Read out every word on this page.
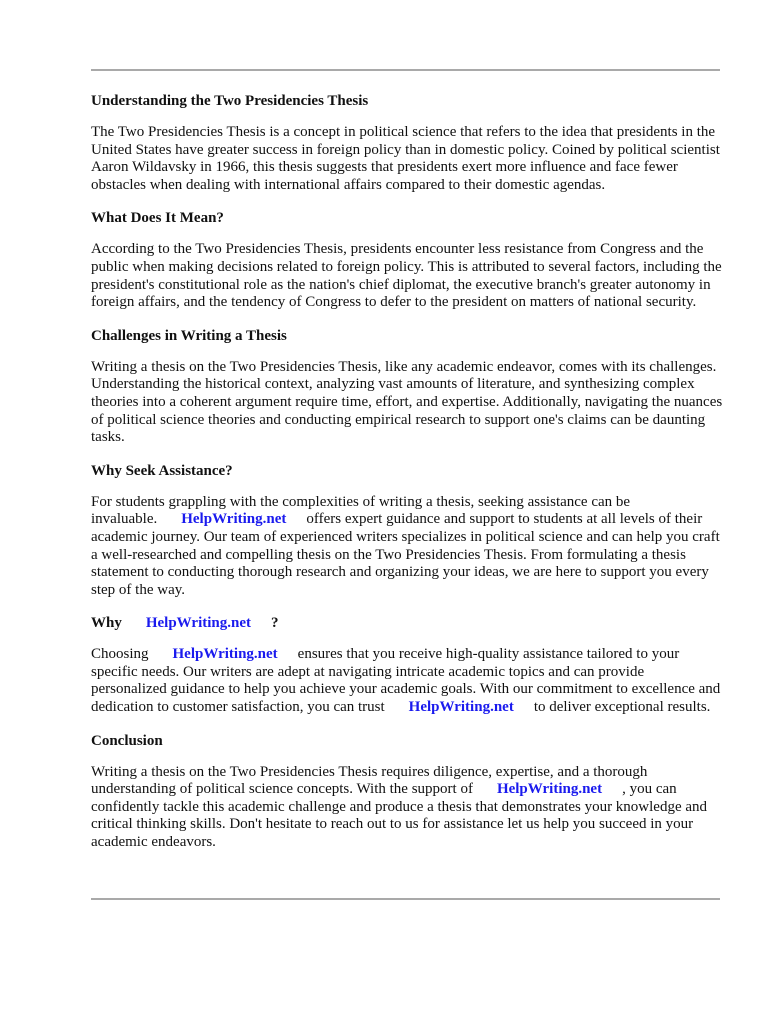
Understanding the Two Presidencies Thesis

The Two Presidencies Thesis is a concept in political science that refers to the idea that presidents in the United States have greater success in foreign policy than in domestic policy. Coined by political scientist Aaron Wildavsky in 1966, this thesis suggests that presidents exert more influence and face fewer obstacles when dealing with international affairs compared to their domestic agendas.

What Does It Mean?

According to the Two Presidencies Thesis, presidents encounter less resistance from Congress and the public when making decisions related to foreign policy. This is attributed to several factors, including the president's constitutional role as the nation's chief diplomat, the executive branch's greater autonomy in foreign affairs, and the tendency of Congress to defer to the president on matters of national security.

Challenges in Writing a Thesis

Writing a thesis on the Two Presidencies Thesis, like any academic endeavor, comes with its challenges. Understanding the historical context, analyzing vast amounts of literature, and synthesizing complex theories into a coherent argument require time, effort, and expertise. Additionally, navigating the nuances of political science theories and conducting empirical research to support one's claims can be daunting tasks.

Why Seek Assistance?

For students grappling with the complexities of writing a thesis, seeking assistance can be invaluable. HelpWriting.net offers expert guidance and support to students at all levels of their academic journey. Our team of experienced writers specializes in political science and can help you craft a well-researched and compelling thesis on the Two Presidencies Thesis. From formulating a thesis statement to conducting thorough research and organizing your ideas, we are here to support you every step of the way.

Why HelpWriting.net ?

Choosing HelpWriting.net ensures that you receive high-quality assistance tailored to your specific needs. Our writers are adept at navigating intricate academic topics and can provide personalized guidance to help you achieve your academic goals. With our commitment to excellence and dedication to customer satisfaction, you can trust HelpWriting.net to deliver exceptional results.

Conclusion

Writing a thesis on the Two Presidencies Thesis requires diligence, expertise, and a thorough understanding of political science concepts. With the support of HelpWriting.net , you can confidently tackle this academic challenge and produce a thesis that demonstrates your knowledge and critical thinking skills. Don't hesitate to reach out to us for assistance let us help you succeed in your academic endeavors.
